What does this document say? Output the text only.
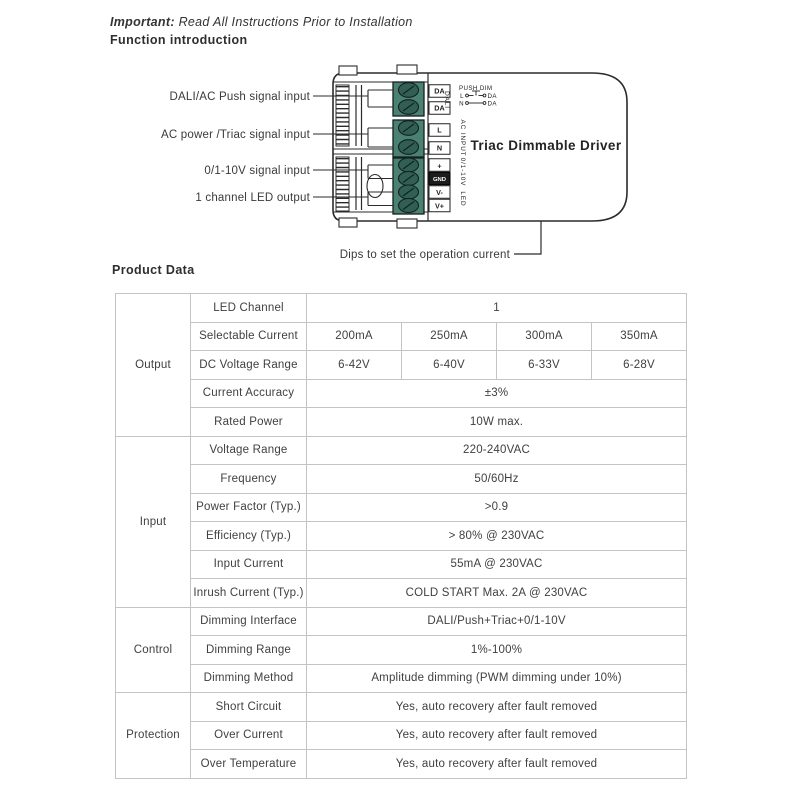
Important: Read All Instructions Prior to Installation
Function introduction
DA
DA
L
N
+
GND
V-
V+
DALI
AC INPUT
0/1-10V
LED
PUSH DIM
L	DA
N	DA
Triac Dimmable Driver
DALI/AC Push signal input
AC power /Triac signal input
0/1-10V signal input
1 channel LED output
Dips to set the operation current
Product Data
Output	LED Channel	1			
	Selectable Current	200mA	250mA	300mA	350mA
	DC Voltage Range	6-42V	6-40V	6-33V	6-28V
	Current Accuracy	±3%			
	Rated Power	10W max.			
Input	Voltage Range	220-240VAC			
	Frequency	50/60Hz			
	Power Factor (Typ.)	>0.9			
	Efficiency (Typ.)	> 80% @ 230VAC			
	Input Current	55mA @ 230VAC			
	Inrush Current (Typ.)	COLD START Max. 2A @ 230VAC			
Control	Dimming Interface	DALI/Push+Triac+0/1-10V			
	Dimming Range	1%-100%			
	Dimming Method	Amplitude dimming (PWM dimming under 10%)			
Protection	Short Circuit	Yes, auto recovery after fault removed			
	Over Current	Yes, auto recovery after fault removed			
	Over Temperature	Yes, auto recovery after fault removed			
